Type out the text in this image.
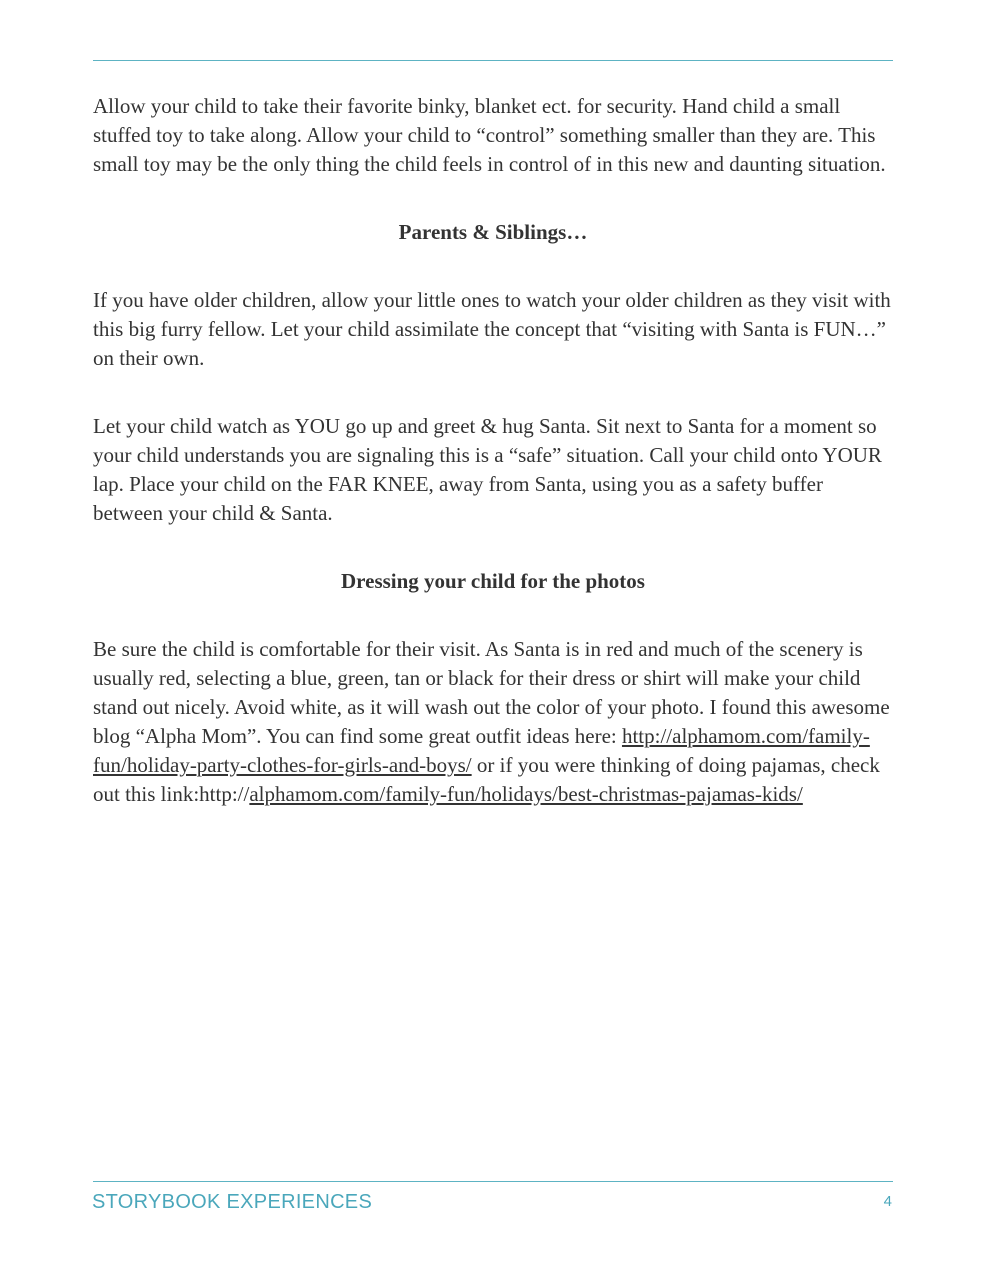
Allow your child to take their favorite binky, blanket ect. for security. Hand child a small stuffed toy to take along. Allow your child to “control” something smaller than they are. This small toy may be the only thing the child feels in control of in this new and daunting situation.

Parents & Siblings…

If you have older children, allow your little ones to watch your older children as they visit with this big furry fellow. Let your child assimilate the concept that “visiting with Santa is FUN…” on their own.

Let your child watch as YOU go up and greet & hug Santa. Sit next to Santa for a moment so your child understands you are signaling this is a “safe” situation. Call your child onto YOUR lap. Place your child on the FAR KNEE, away from Santa, using you as a safety buffer between your child & Santa.

Dressing your child for the photos

Be sure the child is comfortable for their visit. As Santa is in red and much of the scenery is usually red, selecting a blue, green, tan or black for their dress or shirt will make your child stand out nicely. Avoid white, as it will wash out the color of your photo. I found this awesome blog “Alpha Mom”. You can find some great outfit ideas here: http://alphamom.com/family-fun/holiday-party-clothes-for-girls-and-boys/ or if you were thinking of doing pajamas, check out this link:http://alphamom.com/family-fun/holidays/best-christmas-pajamas-kids/

STORYBOOK EXPERIENCES	4
